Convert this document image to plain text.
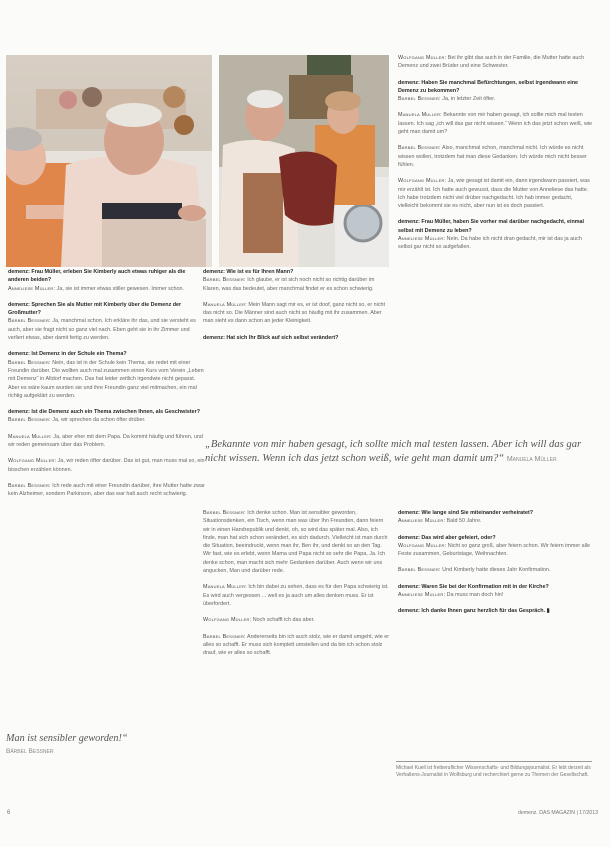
demenz: Frau Müller, erleben Sie Kimberly auch etwas ruhiger als die anderen beiden?
Anneliese Müller: Ja, sie ist immer etwas stiller gewesen. Immer schon.

demenz: Sprechen Sie als Mutter mit Kimberly über die Demenz der Großmutter?
Bärbel Bessner: Ja, manchmal schon. Ich erkläre ihr das, und sie versteht es auch, aber sie fragt nicht so ganz viel nach. Eben geht sie in ihr Zimmer und verliert etwas, aber damit fertig zu werden.

demenz: Ist Demenz in der Schule ein Thema?
Bärbel Bessner: Nein, das ist in der Schule kein Thema, sie redet mit einer Freundin darüber. Die wollten auch mal zusammen einen Kurs vom Verein „Leben mit Demenz“ in Altdorf machen. Das hat leider zeitlich irgendwie nicht gepasst. Aber es wäre kaum wurden sie und ihre Freundin ganz viel mitmachen, ein mal richtig aufgeklärt zu werden.

demenz: Ist die Demenz auch ein Thema zwischen Ihnen, als Geschwister?
Bärbel Bessner: Ja, wir sprechen da schon öfter drüber.

Manuela Müller: Ja, aber eher mit dem Papa. Da kommt häufig und führen, und wir reden gemeinsam über das Problem.

Wolfgang Müller: Ja, wir reden öfter darüber. Das ist gut, man muss mal so, ein bisschen erzählen können.

Bärbel Bessner: Ich rede auch mit einer Freundin darüber, ihre Mutter hatte zwar kein Alzheimer, sondern Parkinson, aber das war halt auch recht schwierig.

demenz: Wie ist es für Ihren Mann?
Bärbel Bessner: Ich glaube, er ist sich noch nicht so richtig darüber im Klaren, was das bedeutet, aber manchmal findet er es schon schwierig.

Manuela Müller: Mein Mann sagt mir es, er ist doof, ganz nicht so, er nicht das nicht so. Die Männer sind auch nicht so häufig mit ihr zusammen. Aber man sieht es dann schon an jeder Kleinigkeit.

demenz: Hat sich Ihr Blick auf sich selbst verändert?

Wolfgang Müller: Bei ihr gibt das auch in der Familie, die Mutter hatte auch Demenz und zwei Brüder und eine Schwester.

demenz: Haben Sie manchmal Befürchtungen, selbst irgendwann eine Demenz zu bekommen?
Bärbel Bessner: Ja, in letzter Zeit öfter.

Manuela Müller: Bekannte von mir haben gesagt, ich sollte mich mal testen lassen. Ich sag „ich will das gar nicht wissen.“ Wenn ich das jetzt schon weiß, wie geht man damit um?

Bärbel Bessner: Also, manchmal schon, manchmal nicht. Ich würde es nicht wissen wollen, trotzdem hat man diese Gedanken. Ich würde mich nicht besser fühlen.

Wolfgang Müller: Ja, wie gesagt ist damit ein, dann irgendwann passiert, was mir erzählt ist. Ich hatte auch gewusst, dass die Mutter von Anneliese das hatte. Ich habe trotzdem nicht viel drüber nachgedacht. Ich hab immer gedacht, vielleicht bekommt sie es nicht, aber nun ist es doch passiert.

demenz: Frau Müller, haben Sie vorher mal darüber nachgedacht, einmal selbst mit Demenz zu leben?
Anneliese Müller: Nein. Da habe ich nicht dran gedacht, mir ist das ja auch selbst gar nicht so aufgefallen.

„Bekannte von mir haben gesagt, ich sollte mich mal testen lassen. Aber ich will das gar nicht wissen. Wenn ich das jetzt schon weiß, wie geht man damit um?“ Manuela Müller

Bärbel Bessner: Ich denke schon. Man ist sensibler geworden, Situationsdenken, ein Tisch, wenn man was über Ihn Freunden, dann feiern wir in einen Handrepublik und denkt, oh, so wird das später mal. Also, ich finde, man hat sich schon verändert, es sich dadurch. Vielleicht ist man durch die Situation, beeindruckt, wenn man ihr, Ben ihr, und denkt so an den Tag. Wir fast, wie es erlebt, wenn Mama und Papa nicht so sehr die Papa, Ja. Ich denke schon, man macht sich mehr Gedanken darüber. Auch wenn wir uns angucken, Man und darüber rede.

Manuela Müller: Ich bin dabei zu sehen, dass es für den Papa schwierig ist. Es wird auch vergessen ... weil es ja auch um alles denken muss. Er ist überfordert.

Wolfgang Müller: Noch schafft ich das aber.

Bärbel Bessner: Andererseits bin ich auch stolz, wie er damit umgeht, wie er alles so schafft. Er muss sich komplett umstellen und da bin ich schon stolz drauf, wie er alles so schafft.

demenz: Wie lange sind Sie miteinander verheiratet?
Anneliese Müller: Bald 50 Jahre.

demenz: Das wird aber gefeiert, oder?
Wolfgang Müller: Nicht so ganz groß, aber feiern schon. Wir feiern immer alle Feste zusammen, Geburtstage, Weihnachten.

Bärbel Bessner: Und Kimberly hatte dieses Jahr Konfirmation.

demenz: Waren Sie bei der Konfirmation mit in der Kirche?
Anneliese Müller: Da muss man doch hin!

demenz: Ich danke Ihnen ganz herzlich für das Gespräch. ▮

Man ist sensibler geworden!“
Bärbel Bessner
Michael Kuell ist freiberuflicher Wissenschafts- und Bildungsjournalist. Er lebt derzeit als Verhaltens-Journalist in Wolfsburg und recherchiert gerne zu Themen der Gesellschaft.
6	demenz. DAS MAGAZIN | 17/2013
